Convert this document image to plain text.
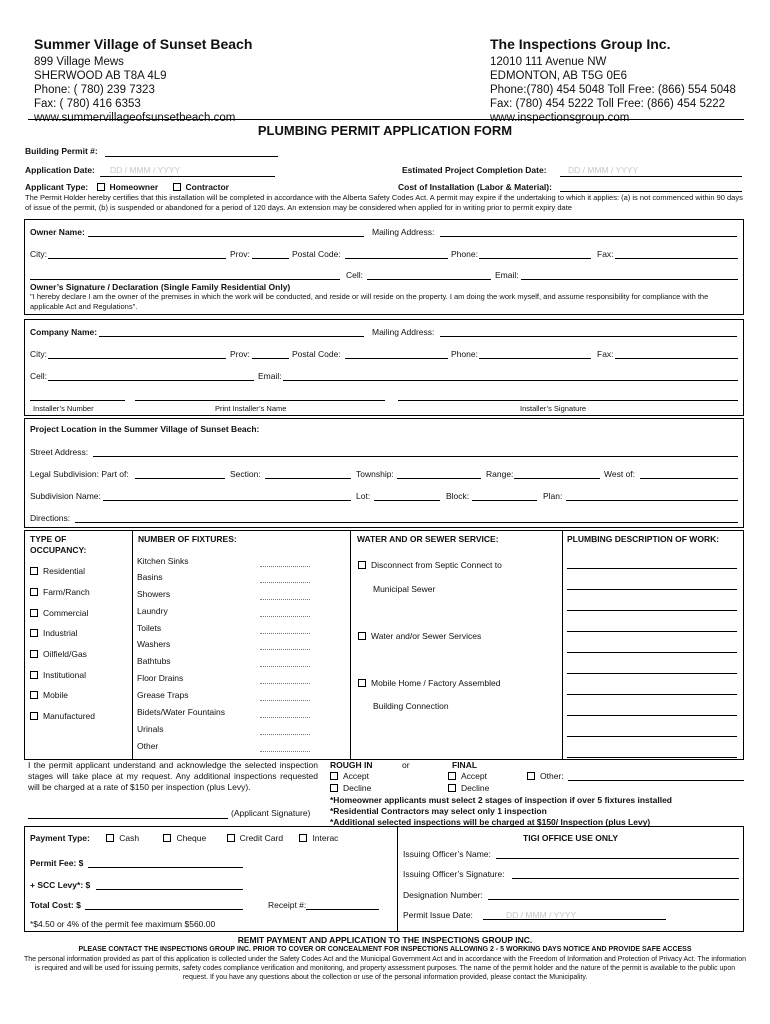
Summer Village of Sunset Beach
899 Village Mews
SHERWOOD AB T8A 4L9
Phone: ( 780) 239 7323
Fax: ( 780) 416 6353
www.summervillageofsunsetbeach.com
The Inspections Group Inc.
12010 111 Avenue NW
EDMONTON, AB T5G 0E6
Phone:(780) 454 5048 Toll Free: (866) 554 5048
Fax: (780) 454 5222 Toll Free: (866) 454 5222
www.inspectionsgroup.com
PLUMBING PERMIT APPLICATION FORM
Building Permit #:
Application Date: DD / MMM / YYYY	Estimated Project Completion Date:	DD / MMM / YYYY
Applicant Type:	Homeowner	Contractor	Cost of Installation (Labor & Material):
The Permit Holder hereby certifies that this installation will be completed in accordance with the Alberta Safety Codes Act. A permit may expire if the undertaking to which it applies: (a) is not commenced within 90 days of issue of the permit, (b) is suspended or abandoned for a period of 120 days. An extension may be considered when applied for in writing prior to permit expiry date
Owner Name:	Mailing Address:
City:	Prov:	Postal Code:	Phone:	Fax:
Cell:	Email:
Owner’s Signature / Declaration (Single Family Residential Only)
"I hereby declare I am the owner of the premises in which the work will be conducted, and reside or will reside on the property. I am doing the work myself, and assume responsibility for compliance with the applicable Act and Regulations".
Company Name:	Mailing Address:
City:	Prov:	Postal Code:	Phone:	Fax:
Cell:	Email:
Installer’s Number	Print Installer’s Name	Installer’s Signature
Project Location in the Summer Village of Sunset Beach:
Street Address:
Legal Subdivision: Part of:	Section:	Township:	Range:	West of:
Subdivision Name:	Lot:	Block:	Plan:
Directions:
TYPE OF OCCUPANCY:
Residential
Farm/Ranch
Commercial
Industrial
Oilfield/Gas
Institutional
Mobile
Manufactured
NUMBER OF FIXTURES:
Kitchen Sinks
Basins
Showers
Laundry
Toilets
Washers
Bathtubs
Floor Drains
Grease Traps
Bidets/Water Fountains
Urinals
Other
WATER AND OR SEWER SERVICE:
Disconnect from Septic Connect to
Municipal Sewer
Water and/or Sewer Services
Mobile Home / Factory Assembled
Building Connection
PLUMBING DESCRIPTION OF WORK:
I the permit applicant understand and acknowledge the selected inspection stages will take place at my request. Any additional inspections requested will be charged at a rate of $150 per inspection (plus Levy).
(Applicant Signature)
ROUGH IN	or	FINAL
Accept	Accept	Other:
Decline	Decline
*Homeowner applicants must select 2 stages of inspection if over 5 fixtures installed
*Residential Contractors may select only 1 inspection
*Additional selected inspections will be charged at $150/ Inspection (plus Levy)
Payment Type:	Cash	Cheque	Credit Card	Interac
Permit Fee: $
+ SCC Levy*: $
Total Cost: $	Receipt #:
*$4.50 or 4% of the permit fee maximum $560.00
TIGI OFFICE USE ONLY
Issuing Officer’s Name:
Issuing Officer’s Signature:
Designation Number:
Permit Issue Date:	DD / MMM / YYYY
REMIT PAYMENT AND APPLICATION TO THE INSPECTIONS GROUP INC.
PLEASE CONTACT THE INSPECTIONS GROUP INC. PRIOR TO COVER OR CONCEALMENT FOR INSPECTIONS ALLOWING 2 - 5 WORKING DAYS NOTICE AND PROVIDE SAFE ACCESS
The personal information provided as part of this application is collected under the Safety Codes Act and the Municipal Government Act and in accordance with the Freedom of Information and Protection of Privacy Act. The information is required and will be used for issuing permits, safety codes compliance verification and monitoring, and property assessment purposes. The name of the permit holder and the nature of the permit is available to the public upon request. If you have any questions about the collection or use of the personal information provided, please contact the Municipality.
